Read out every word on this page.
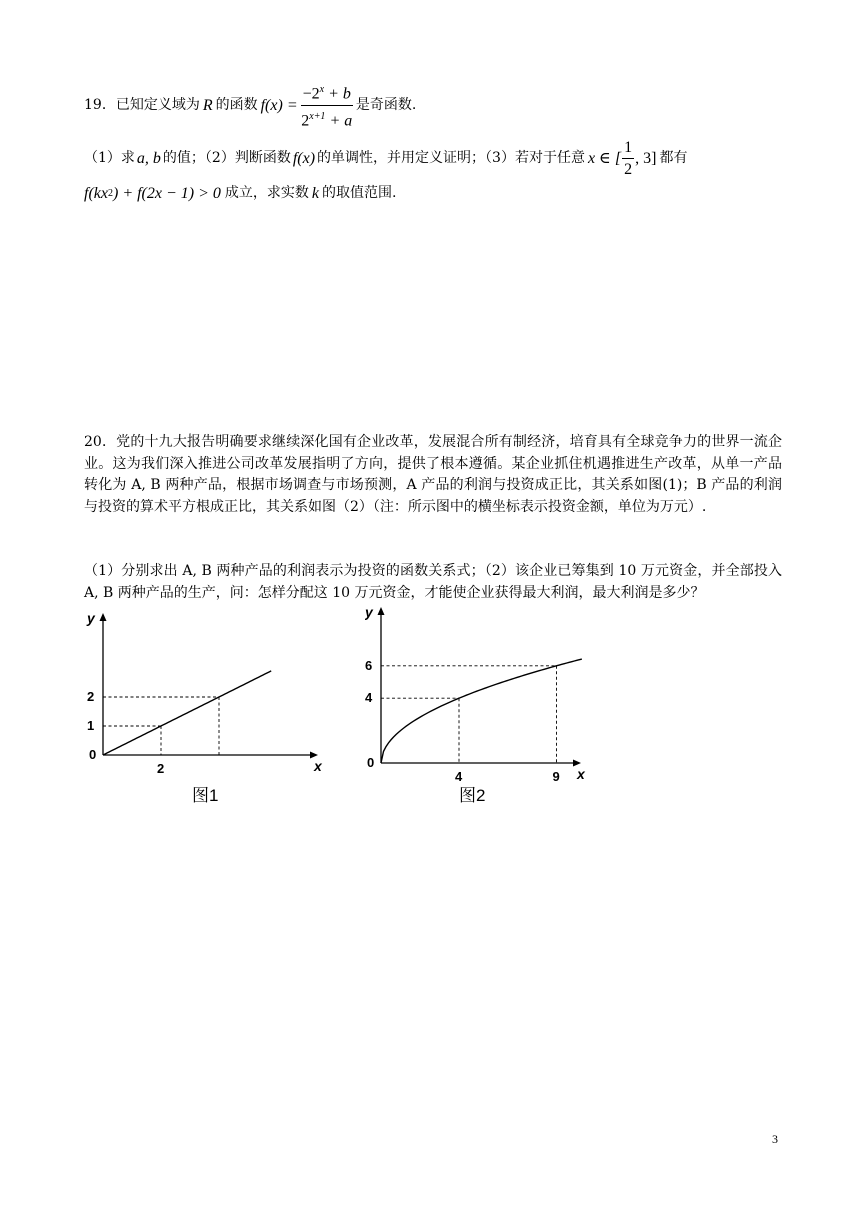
19．已知定义域为 R 的函数 $f(x) = \frac{-2^x + b}{2^{x+1} + a}$ 是奇函数.
（1）求 a, b 的值；（2）判断函数 f(x) 的单调性，并用定义证明；（3）若对于任意 x ∈ [ $\frac{1}{2}$ , 3] 都有
f(kx 2 ) + f(2x − 1) > 0 成立，求实数 k 的取值范围.
20．党的十九大报告明确要求继续深化国有企业改革，发展混合所有制经济，培育具有全球竞争力的世界一流企业。这为我们深入推进公司改革发展指明了方向，提供了根本遵循。某企业抓住机遇推进生产改革，从单一产品转化为 A, B 两种产品，根据市场调查与市场预测，A 产品的利润与投资成正比，其关系如图(1)；B 产品的利润与投资的算术平方根成正比，其关系如图（2）（注：所示图中的横坐标表示投资金额，单位为万元）.
（1）分别求出 A, B 两种产品的利润表示为投资的函数关系式；（2）该企业已筹集到 10 万元资金，并全部投入 A, B 两种产品的生产，问：怎样分配这 10 万元资金，才能使企业获得最大利润，最大利润是多少？
y
x
0
2
1
2
图1
y
x
0
4	9
4
6
图2
3
